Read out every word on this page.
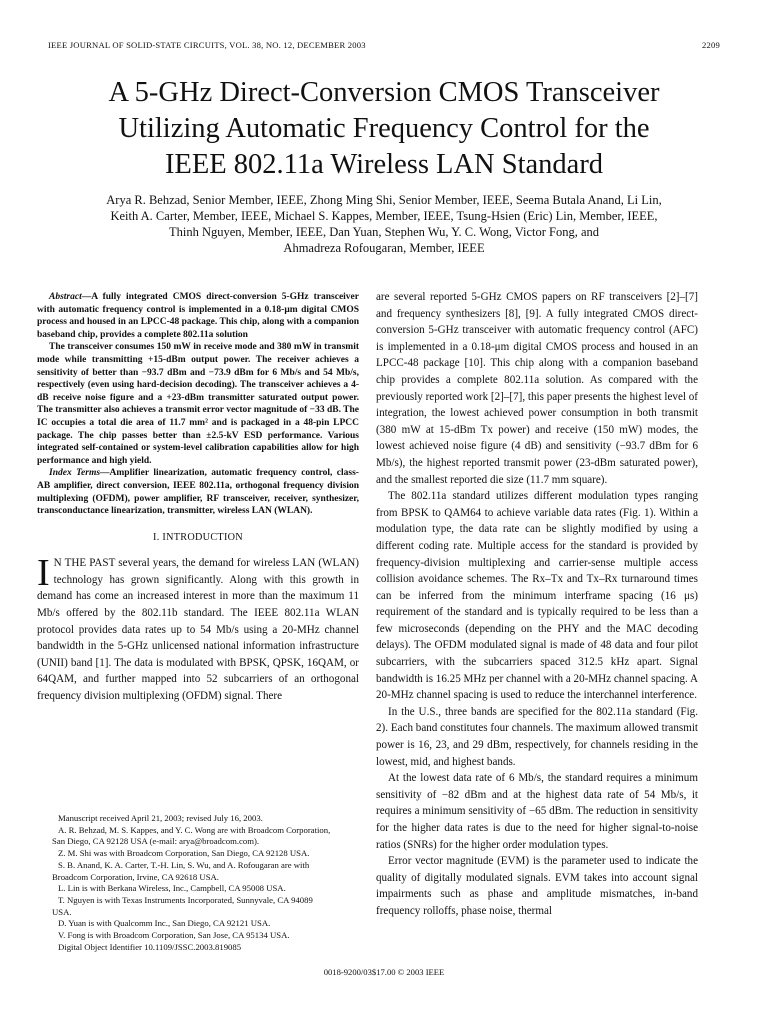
IEEE JOURNAL OF SOLID-STATE CIRCUITS, VOL. 38, NO. 12, DECEMBER 2003	2209
A 5-GHz Direct-Conversion CMOS Transceiver
Utilizing Automatic Frequency Control for the
IEEE 802.11a Wireless LAN Standard
Arya R. Behzad, Senior Member, IEEE, Zhong Ming Shi, Senior Member, IEEE, Seema Butala Anand, Li Lin,
Keith A. Carter, Member, IEEE, Michael S. Kappes, Member, IEEE, Tsung-Hsien (Eric) Lin, Member, IEEE,
Thinh Nguyen, Member, IEEE, Dan Yuan, Stephen Wu, Y. C. Wong, Victor Fong, and
Ahmadreza Rofougaran, Member, IEEE

Abstract—A fully integrated CMOS direct-conversion 5-GHz transceiver with automatic frequency control is implemented in a 0.18-μm digital CMOS process and housed in an LPCC-48 package. This chip, along with a companion baseband chip, provides a complete 802.11a solution

The transceiver consumes 150 mW in receive mode and 380 mW in transmit mode while transmitting +15-dBm output power. The receiver achieves a sensitivity of better than −93.7 dBm and −73.9 dBm for 6 Mb/s and 54 Mb/s, respectively (even using hard-decision decoding). The transceiver achieves a 4-dB receive noise figure and a +23-dBm transmitter saturated output power. The transmitter also achieves a transmit error vector magnitude of −33 dB. The IC occupies a total die area of 11.7 mm² and is packaged in a 48-pin LPCC package. The chip passes better than ±2.5-kV ESD performance. Various integrated self-contained or system-level calibration capabilities allow for high performance and high yield.

Index Terms—Amplifier linearization, automatic frequency control, class-AB amplifier, direct conversion, IEEE 802.11a, orthogonal frequency division multiplexing (OFDM), power amplifier, RF transceiver, receiver, synthesizer, transconductance linearization, transmitter, wireless LAN (WLAN).

I. INTRODUCTION

I N THE PAST several years, the demand for wireless LAN (WLAN) technology has grown significantly. Along with this growth in demand has come an increased interest in more than the maximum 11 Mb/s offered by the 802.11b standard. The IEEE 802.11a WLAN protocol provides data rates up to 54 Mb/s using a 20-MHz channel bandwidth in the 5-GHz unlicensed national information infrastructure (UNII) band [1]. The data is modulated with BPSK, QPSK, 16QAM, or 64QAM, and further mapped into 52 subcarriers of an orthogonal frequency division multiplexing (OFDM) signal. There

Manuscript received April 21, 2003; revised July 16, 2003.
A. R. Behzad, M. S. Kappes, and Y. C. Wong are with Broadcom Corporation,
San Diego, CA 92128 USA (e-mail: arya@broadcom.com).
Z. M. Shi was with Broadcom Corporation, San Diego, CA 92128 USA.
S. B. Anand, K. A. Carter, T.-H. Lin, S. Wu, and A. Rofougaran are with
Broadcom Corporation, Irvine, CA 92618 USA.
L. Lin is with Berkana Wireless, Inc., Campbell, CA 95008 USA.
T. Nguyen is with Texas Instruments Incorporated, Sunnyvale, CA 94089
USA.
D. Yuan is with Qualcomm Inc., San Diego, CA 92121 USA.
V. Fong is with Broadcom Corporation, San Jose, CA 95134 USA.
Digital Object Identifier 10.1109/JSSC.2003.819085

are several reported 5-GHz CMOS papers on RF transceivers [2]–[7] and frequency synthesizers [8], [9]. A fully integrated CMOS direct-conversion 5-GHz transceiver with automatic frequency control (AFC) is implemented in a 0.18-μm digital CMOS process and housed in an LPCC-48 package [10]. This chip along with a companion baseband chip provides a complete 802.11a solution. As compared with the previously reported work [2]–[7], this paper presents the highest level of integration, the lowest achieved power consumption in both transmit (380 mW at 15-dBm Tx power) and receive (150 mW) modes, the lowest achieved noise figure (4 dB) and sensitivity (−93.7 dBm for 6 Mb/s), the highest reported transmit power (23-dBm saturated power), and the smallest reported die size (11.7 mm square).

The 802.11a standard utilizes different modulation types ranging from BPSK to QAM64 to achieve variable data rates (Fig. 1). Within a modulation type, the data rate can be slightly modified by using a different coding rate. Multiple access for the standard is provided by frequency-division multiplexing and carrier-sense multiple access collision avoidance schemes. The Rx–Tx and Tx–Rx turnaround times can be inferred from the minimum interframe spacing (16 μs) requirement of the standard and is typically required to be less than a few microseconds (depending on the PHY and the MAC decoding delays). The OFDM modulated signal is made of 48 data and four pilot subcarriers, with the subcarriers spaced 312.5 kHz apart. Signal bandwidth is 16.25 MHz per channel with a 20-MHz channel spacing. A 20-MHz channel spacing is used to reduce the interchannel interference.

In the U.S., three bands are specified for the 802.11a standard (Fig. 2). Each band constitutes four channels. The maximum allowed transmit power is 16, 23, and 29 dBm, respectively, for channels residing in the lowest, mid, and highest bands.

At the lowest data rate of 6 Mb/s, the standard requires a minimum sensitivity of −82 dBm and at the highest data rate of 54 Mb/s, it requires a minimum sensitivity of −65 dBm. The reduction in sensitivity for the higher data rates is due to the need for higher signal-to-noise ratios (SNRs) for the higher order modulation types.

Error vector magnitude (EVM) is the parameter used to indicate the quality of digitally modulated signals. EVM takes into account signal impairments such as phase and amplitude mismatches, in-band frequency rolloffs, phase noise, thermal

0018-9200/03$17.00 © 2003 IEEE
